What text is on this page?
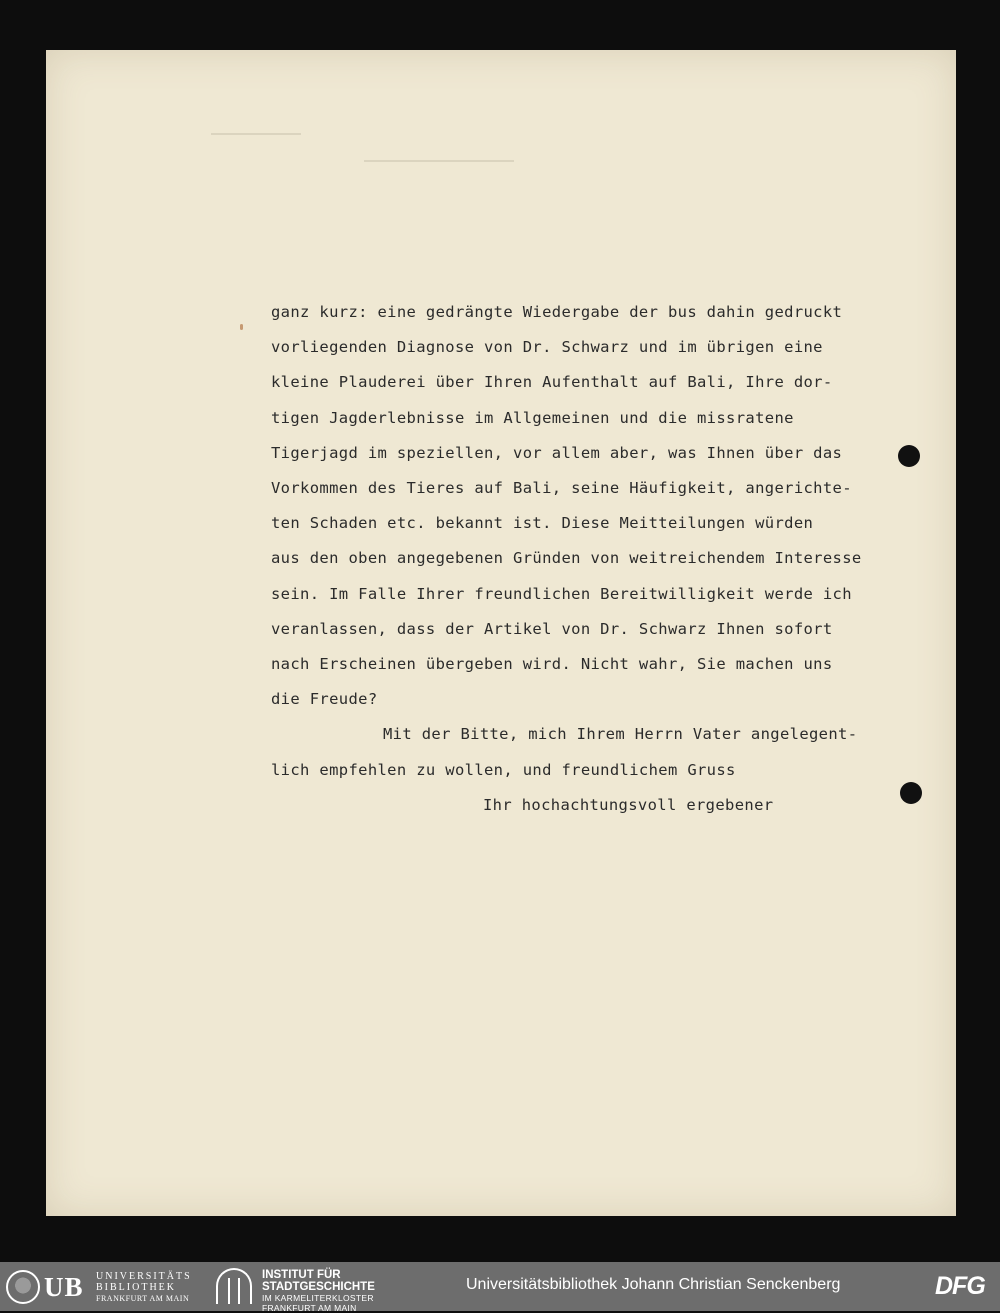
ganz kurz: eine gedrängte Wiedergabe der bus dahin gedruckt
vorliegenden Diagnose von Dr. Schwarz und im übrigen eine
kleine Plauderei über Ihren Aufenthalt auf Bali, Ihre dor-
tigen Jagderlebnisse im Allgemeinen und die missratene
Tigerjagd im speziellen, vor allem aber, was Ihnen über das
Vorkommen des Tieres auf Bali, seine Häufigkeit, angerichte-
ten Schaden etc. bekannt ist. Diese Meitteilungen würden
aus den oben angegebenen Gründen von weitreichendem Interesse
sein. Im Falle Ihrer freundlichen Bereitwilligkeit werde ich
veranlassen, dass der Artikel von Dr. Schwarz Ihnen sofort
nach Erscheinen übergeben wird. Nicht wahr, Sie machen uns
die Freude?
Mit der Bitte, mich Ihrem Herrn Vater angelegent-
lich empfehlen zu wollen, und freundlichem Gruss
Ihr hochachtungsvoll ergebener
UB UNIVERSITÄTS
BIBLIOTHEK
FRANKFURT AM MAIN
INSTITUT FÜR
STADTGESCHICHTE
IM KARMELITERKLOSTER
FRANKFURT AM MAIN
Universitätsbibliothek Johann Christian Senckenberg	DFG
